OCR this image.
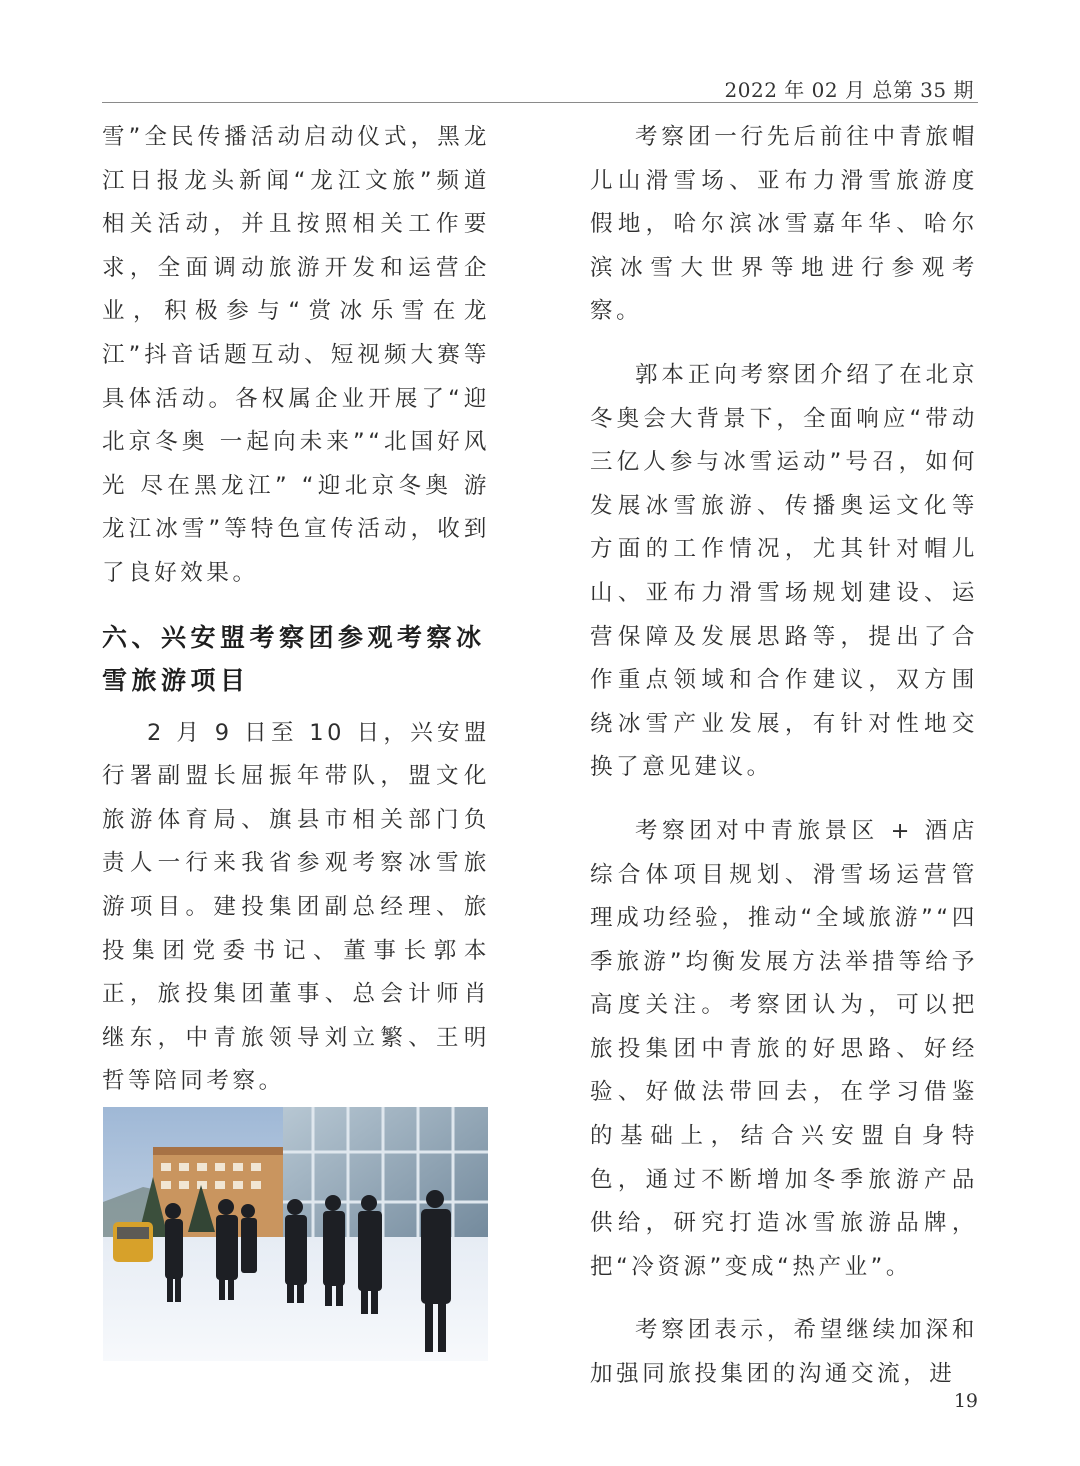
2022 年 02 月 总第 35 期

雪”全民传播活动启动仪式，黑龙江日报龙头新闻“龙江文旅”频道相关活动，并且按照相关工作要求，全面调动旅游开发和运营企业，积极参与“赏冰乐雪在龙江”抖音话题互动、短视频大赛等具体活动。各权属企业开展了“迎北京冬奥 一起向未来”“北国好风光 尽在黑龙江” “迎北京冬奥 游龙江冰雪”等特色宣传活动，收到了良好效果。

六、兴安盟考察团参观考察冰雪旅游项目

2 月 9 日至 10 日，兴安盟行署副盟长屈振年带队，盟文化旅游体育局、旗县市相关部门负责人一行来我省参观考察冰雪旅游项目。建投集团副总经理、旅投集团党委书记、董事长郭本正，旅投集团董事、总会计师肖继东，中青旅领导刘立繁、王明哲等陪同考察。

考察团一行先后前往中青旅帽儿山滑雪场、亚布力滑雪旅游度假地，哈尔滨冰雪嘉年华、哈尔滨冰雪大世界等地进行参观考察。

郭本正向考察团介绍了在北京冬奥会大背景下，全面响应“带动三亿人参与冰雪运动”号召，如何发展冰雪旅游、传播奥运文化等方面的工作情况，尤其针对帽儿山、亚布力滑雪场规划建设、运营保障及发展思路等，提出了合作重点领域和合作建议，双方围绕冰雪产业发展，有针对性地交换了意见建议。

考察团对中青旅景区 + 酒店综合体项目规划、滑雪场运营管理成功经验，推动“全域旅游”“四季旅游”均衡发展方法举措等给予高度关注。考察团认为，可以把旅投集团中青旅的好思路、好经验、好做法带回去，在学习借鉴的基础上，结合兴安盟自身特色，通过不断增加冬季旅游产品供给，研究打造冰雪旅游品牌，把“冷资源”变成“热产业”。

考察团表示，希望继续加深和加强同旅投集团的沟通交流，进

19
